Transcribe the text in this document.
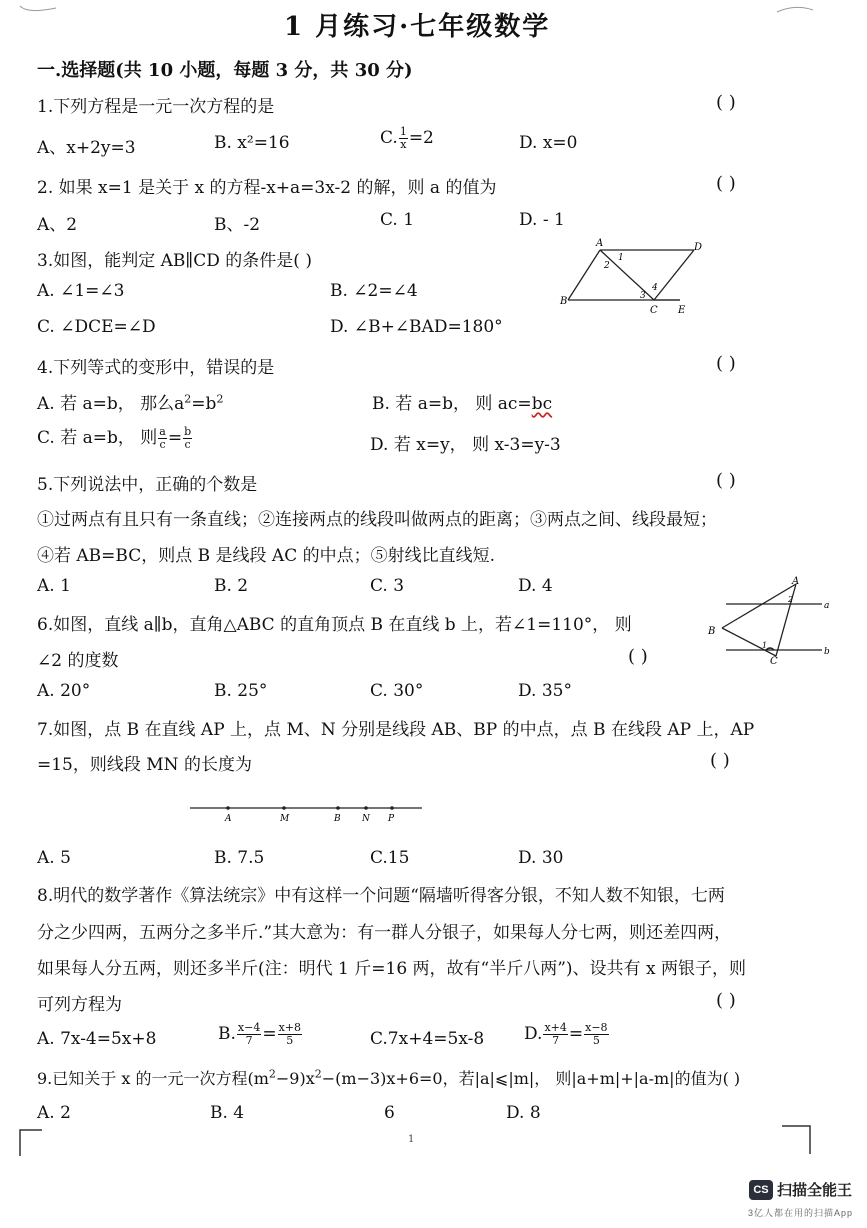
1 月练习·七年级数学
一.选择题(共 10 小题，每题 3 分，共 30 分)
1.下列方程是一元一次方程的是	( )
A、x+2y=3	B. x²=16	C. $\frac{1}{x} =2$	D. x=0
2. 如果 x=1 是关于 x 的方程-x+a=3x-2 的解，则 a 的值为	( )
A、2	B、-2	C. 1	D. - 1
3.如图，能判定 AB∥CD 的条件是( )
A. ∠1=∠3	B. ∠2=∠4
C. ∠DCE=∠D	D. ∠B+∠BAD=180°
A	D
B
C E
1
2
3
4
4.下列等式的变形中，错误的是	( )
A. 若 a=b， 那么$a^2=b^2$	B. 若 a=b， 则 ac=bc
C. 若 a=b， 则 $\frac{a}{c} = \frac{b}{c}$	D. 若 x=y， 则 x-3=y-3
5.下列说法中，正确的个数是	( )
①过两点有且只有一条直线；②连接两点的线段叫做两点的距离；③两点之间、线段最短；
④若 AB=BC，则点 B 是线段 AC 的中点；⑤射线比直线短.
A. 1	B. 2	C. 3	D. 4
6.如图，直线 a∥b，直角△ABC 的直角顶点 B 在直线 b 上，若∠1=110°， 则
∠2 的度数	( )
A. 20°	B. 25°	C. 30°	D. 35°
A
B
C
a
b
2
1
7.如图，点 B 在直线 AP 上，点 M、N 分别是线段 AB、BP 的中点，点 B 在线段 AP 上，AP
=15，则线段 MN 的长度为	( )
A	M	B N P
A. 5	B. 7.5	C.15	D. 30
8.明代的数学著作《算法统宗》中有这样一个问题“隔墙听得客分银，不知人数不知银，七两
分之少四两，五两分之多半斤.”其大意为：有一群人分银子，如果每人分七两，则还差四两，
如果每人分五两，则还多半斤(注：明代 1 斤=16 两，故有“半斤八两”)、设共有 x 两银子，则
可列方程为	( )
A. 7x-4=5x+8	B. $\frac{x-4}{7} = \frac{x+8}{5}$	C.7x+4=5x-8 D. $\frac{x+4}{7} = \frac{x-8}{5}$
9.已知关于 x 的一元一次方程$(m^2-9)x^2-(m-3)x+6=0$，若|a|⩽|m|， 则|a+m|+|a-m|的值为( )
A. 2	B. 4	6	D. 8
1
CS 扫描全能王
3亿人都在用的扫描App
